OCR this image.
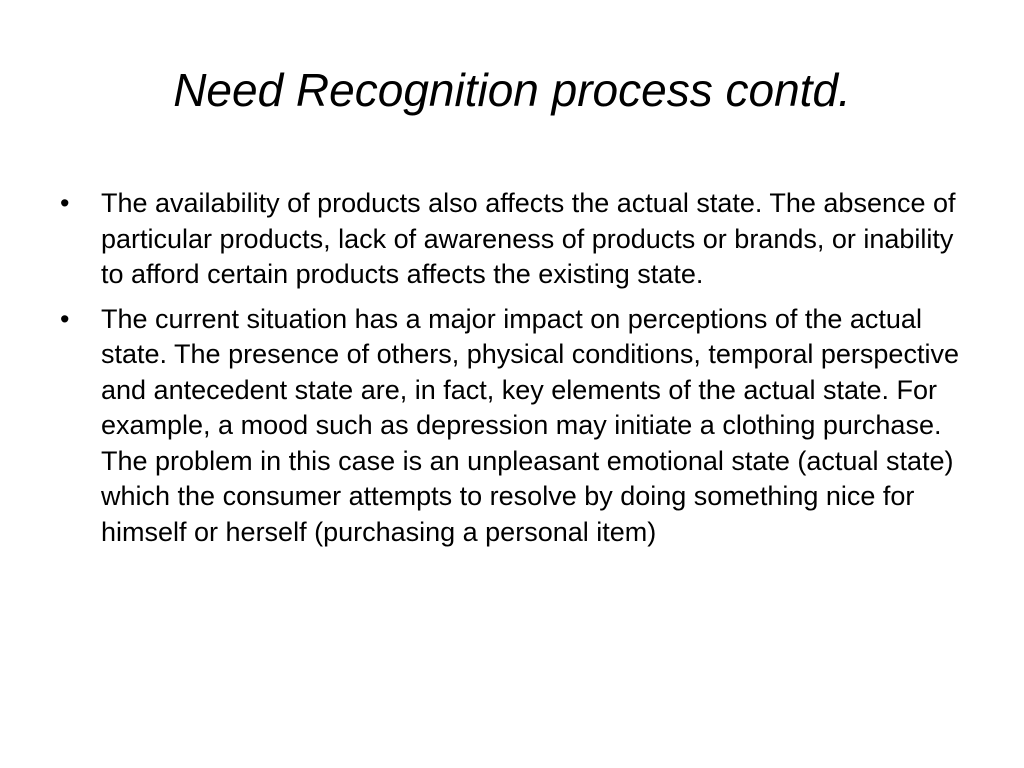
Need Recognition process contd.
•	The availability of products also affects the actual state. The absence of particular products, lack of awareness of products or brands, or inability to afford certain products affects the existing state.
•	The current situation has a major impact on perceptions of the actual state. The presence of others, physical conditions, temporal perspective and antecedent state are, in fact, key elements of the actual state. For example, a mood such as depression may initiate a clothing purchase. The problem in this case is an unpleasant emotional state (actual state) which the consumer attempts to resolve by doing something nice for himself or herself (purchasing a personal item)
